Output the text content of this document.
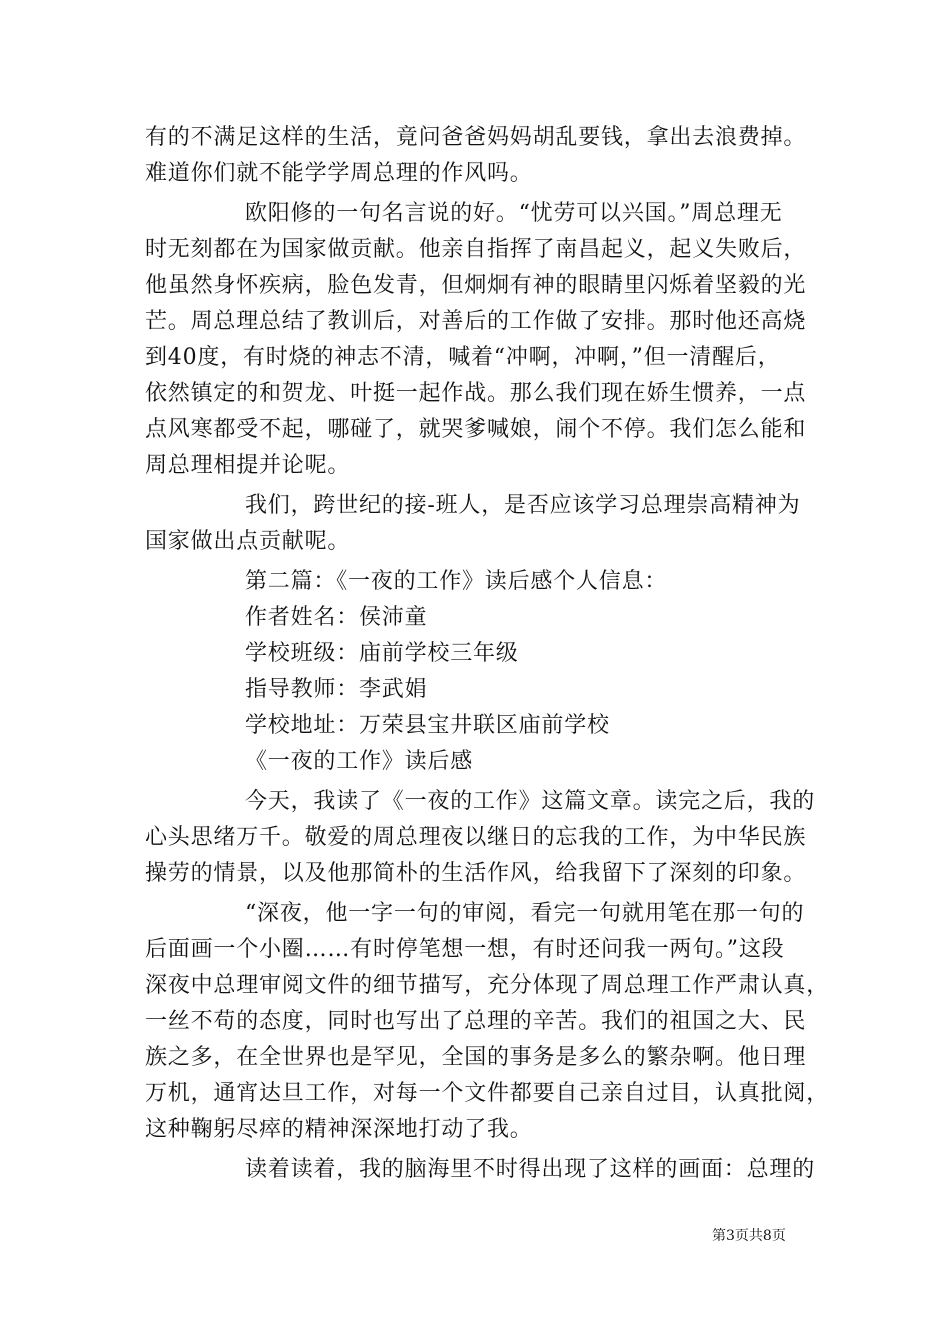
有的不满足这样的生活，竟问爸爸妈妈胡乱要钱，拿出去浪费掉。
难道你们就不能学学周总理的作风吗。
欧阳修的一句名言说的好。“忧劳可以兴国。”周总理无
时无刻都在为国家做贡献。他亲自指挥了南昌起义，起义失败后，
他虽然身怀疾病，脸色发青，但炯炯有神的眼睛里闪烁着坚毅的光
芒。周总理总结了教训后，对善后的工作做了安排。那时他还高烧
到40度，有时烧的神志不清，喊着“冲啊，冲啊，”但一清醒后，
依然镇定的和贺龙、叶挺一起作战。那么我们现在娇生惯养，一点
点风寒都受不起，哪碰了，就哭爹喊娘，闹个不停。我们怎么能和
周总理相提并论呢。
我们，跨世纪的接-班人，是否应该学习总理崇高精神为
国家做出点贡献呢。
第二篇：《一夜的工作》读后感个人信息：
作者姓名：侯沛童
学校班级：庙前学校三年级
指导教师：李武娟
学校地址：万荣县宝井联区庙前学校
《一夜的工作》读后感
今天，我读了《一夜的工作》这篇文章。读完之后，我的
心头思绪万千。敬爱的周总理夜以继日的忘我的工作，为中华民族
操劳的情景，以及他那简朴的生活作风，给我留下了深刻的印象。
“深夜，他一字一句的审阅，看完一句就用笔在那一句的
后面画一个小圈……有时停笔想一想，有时还问我一两句。”这段
深夜中总理审阅文件的细节描写，充分体现了周总理工作严肃认真，
一丝不苟的态度，同时也写出了总理的辛苦。我们的祖国之大、民
族之多，在全世界也是罕见，全国的事务是多么的繁杂啊。他日理
万机，通宵达旦工作，对每一个文件都要自己亲自过目，认真批阅，
这种鞠躬尽瘁的精神深深地打动了我。
读着读着，我的脑海里不时得出现了这样的画面：总理的
第3页共8页
